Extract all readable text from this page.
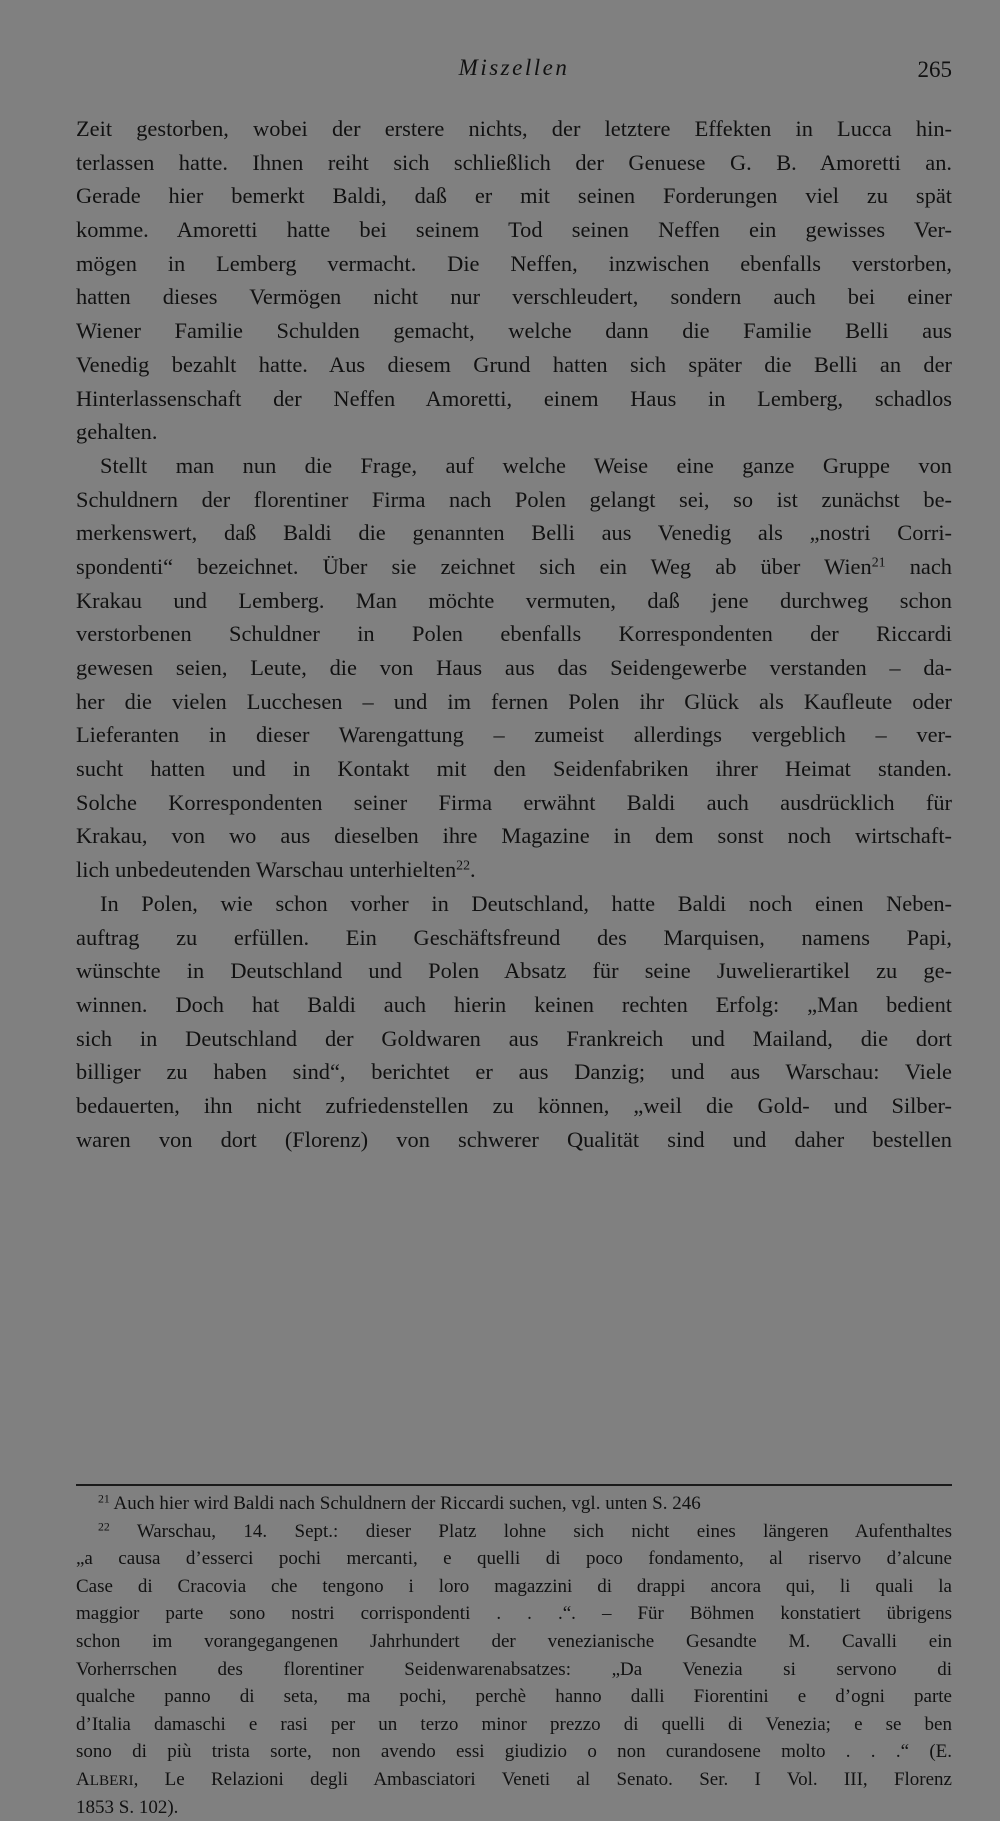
Miszellen	265
Zeit gestorben, wobei der erstere nichts, der letztere Effekten in Lucca hin-
terlassen hatte. Ihnen reiht sich schließlich der Genuese G. B. Amoretti an.
Gerade hier bemerkt Baldi, daß er mit seinen Forderungen viel zu spät
komme. Amoretti hatte bei seinem Tod seinen Neffen ein gewisses Ver-
mögen in Lemberg vermacht. Die Neffen, inzwischen ebenfalls verstorben,
hatten dieses Vermögen nicht nur verschleudert, sondern auch bei einer
Wiener Familie Schulden gemacht, welche dann die Familie Belli aus
Venedig bezahlt hatte. Aus diesem Grund hatten sich später die Belli an der
Hinterlassenschaft der Neffen Amoretti, einem Haus in Lemberg, schadlos
gehalten.
Stellt man nun die Frage, auf welche Weise eine ganze Gruppe von
Schuldnern der florentiner Firma nach Polen gelangt sei, so ist zunächst be-
merkenswert, daß Baldi die genannten Belli aus Venedig als „nostri Corri-
spondenti“ bezeichnet. Über sie zeichnet sich ein Weg ab über Wien$^{21}$ nach
Krakau und Lemberg. Man möchte vermuten, daß jene durchweg schon
verstorbenen Schuldner in Polen ebenfalls Korrespondenten der Riccardi
gewesen seien, Leute, die von Haus aus das Seidengewerbe verstanden – da-
her die vielen Lucchesen – und im fernen Polen ihr Glück als Kaufleute oder
Lieferanten in dieser Warengattung – zumeist allerdings vergeblich – ver-
sucht hatten und in Kontakt mit den Seidenfabriken ihrer Heimat standen.
Solche Korrespondenten seiner Firma erwähnt Baldi auch ausdrücklich für
Krakau, von wo aus dieselben ihre Magazine in dem sonst noch wirtschaft-
lich unbedeutenden Warschau unterhielten$^{22}$.
In Polen, wie schon vorher in Deutschland, hatte Baldi noch einen Neben-
auftrag zu erfüllen. Ein Geschäftsfreund des Marquisen, namens Papi,
wünschte in Deutschland und Polen Absatz für seine Juwelierartikel zu ge-
winnen. Doch hat Baldi auch hierin keinen rechten Erfolg: „Man bedient
sich in Deutschland der Goldwaren aus Frankreich und Mailand, die dort
billiger zu haben sind“, berichtet er aus Danzig; und aus Warschau: Viele
bedauerten, ihn nicht zufriedenstellen zu können, „weil die Gold- und Silber-
waren von dort (Florenz) von schwerer Qualität sind und daher bestellen
$^{21}$ Auch hier wird Baldi nach Schuldnern der Riccardi suchen, vgl. unten S. 246
$^{22}$ Warschau, 14. Sept.: dieser Platz lohne sich nicht eines längeren Aufenthaltes
„a causa d’esserci pochi mercanti, e quelli di poco fondamento, al riservo d’alcune
Case di Cracovia che tengono i loro magazzini di drappi ancora qui, li quali la
maggior parte sono nostri corrispondenti . . .“. – Für Böhmen konstatiert übrigens
schon im vorangegangenen Jahrhundert der venezianische Gesandte M. Cavalli ein
Vorherrschen des florentiner Seidenwarenabsatzes: „Da Venezia si servono di
qualche panno di seta, ma pochi, perchè hanno dalli Fiorentini e d’ogni parte
d’Italia damaschi e rasi per un terzo minor prezzo di quelli di Venezia; e se ben
sono di più trista sorte, non avendo essi giudizio o non curandosene molto . . .“ (E.
ALBERI, Le Relazioni degli Ambasciatori Veneti al Senato. Ser. I Vol. III, Florenz
1853 S. 102).
